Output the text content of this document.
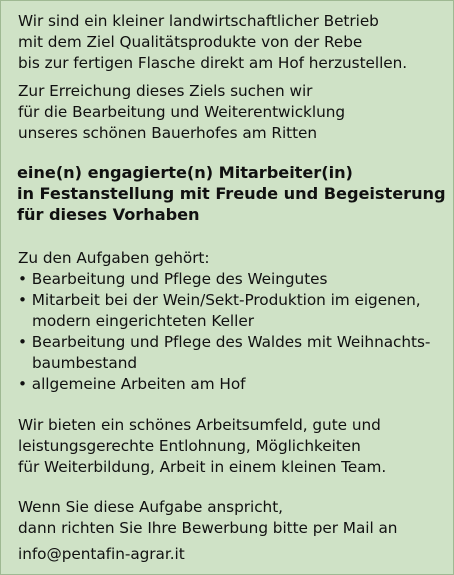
Wir sind ein kleiner landwirtschaftlicher Betrieb
mit dem Ziel Qualitätsprodukte von der Rebe
bis zur fertigen Flasche direkt am Hof herzustellen.
Zur Erreichung dieses Ziels suchen wir
für die Bearbeitung und Weiterentwicklung
unseres schönen Bauerhofes am Ritten
eine(n) engagierte(n) Mitarbeiter(in)
in Festanstellung mit Freude und Begeisterung
für dieses Vorhaben
Zu den Aufgaben gehört:
• Bearbeitung und Pflege des Weingutes
• Mitarbeit bei der Wein/Sekt-Produktion im eigenen,
modern eingerichteten Keller
• Bearbeitung und Pflege des Waldes mit Weihnachts-
baumbestand
• allgemeine Arbeiten am Hof
Wir bieten ein schönes Arbeitsumfeld, gute und
leistungsgerechte Entlohnung, Möglichkeiten
für Weiterbildung, Arbeit in einem kleinen Team.
Wenn Sie diese Aufgabe anspricht,
dann richten Sie Ihre Bewerbung bitte per Mail an
info@pentafin-agrar.it
